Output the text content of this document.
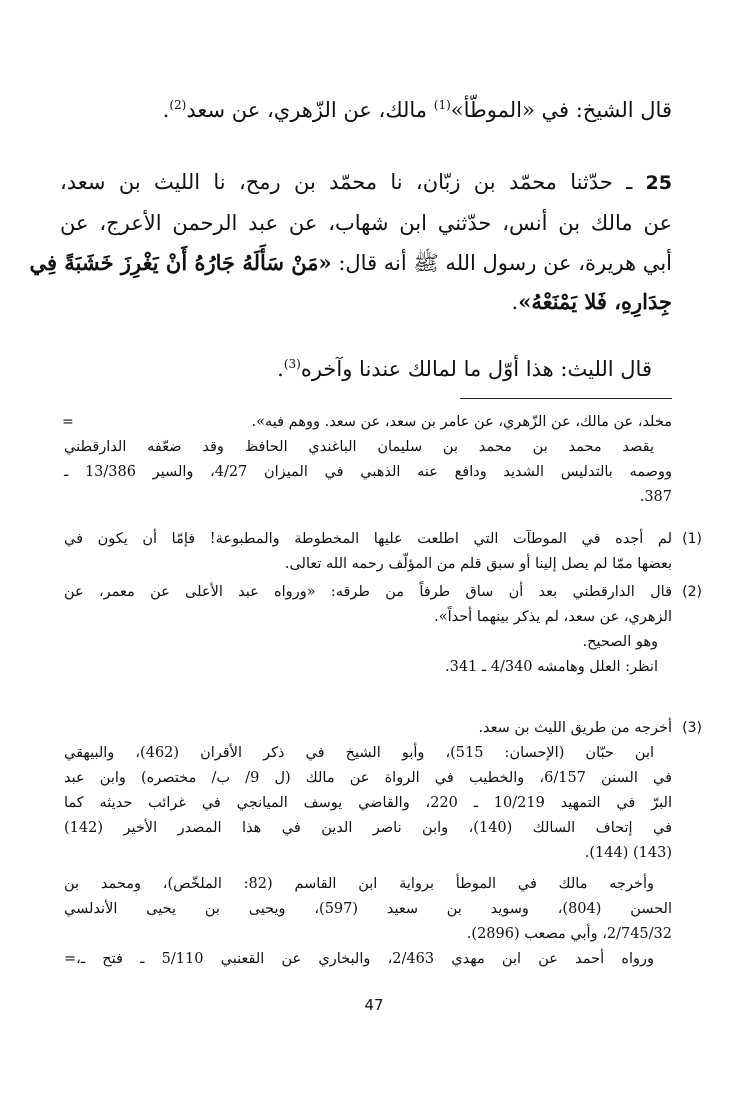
قال الشيخ: في «الموطّأ»$^{(1)}$ مالك، عن الزّهري، عن سعد$^{(2)}$.
25 ـ حدّثنا محمّد بن زبّان، نا محمّد بن رمح، نا الليث بن سعد،
عن مالك بن أنس، حدّثني ابن شهاب، عن عبد الرحمن الأعرج، عن
أبي هريرة، عن رسول الله ﷺ أنه قال: «مَنْ سَأَلَهُ جَارُهُ أَنْ يَغْرِزَ خَشَبَةً فِي
جِدَارِهِ، فَلا يَمْنَعْهُ».
قال الليث: هذا أوّل ما لمالك عندنا وآخره$^{(3)}$.
=	مخلد، عن مالك، عن الزّهري، عن عامر بن سعد، عن سعد. ووهم فيه».
يقصد محمد بن محمد بن سليمان الباغندي الحافظ وقد ضعّفه الدارقطني
ووصمه بالتدليس الشديد ودافع عنه الذهبي في الميزان 4/27، والسير 13/386 ـ
387.
(1)
لم أجده في الموطآت التي اطلعت عليها المخطوطة والمطبوعة! فإمّا أن يكون في
بعضها ممّا لم يصل إلينا أو سبق قلم من المؤلّف رحمه الله تعالى.
(2)
قال الدارقطني بعد أن ساق طرفاً من طرقه: «ورواه عبد الأعلى عن معمر، عن
الزهري، عن سعد، لم يذكر بينهما أحداً».
وهو الصحيح.
انظر: العلل وهامشه 4/340 ـ 341.
(3)
أخرجه من طريق الليث بن سعد.
ابن حبّان (الإحسان: 515)، وأبو الشيخ في ذكر الأقران (462)، والبيهقي
في السنن 6/157، والخطيب في الرواة عن مالك (ل 9/ ب/ مختصره) وابن عبد
البرّ في التمهيد 10/219 ـ 220، والقاضي يوسف الميانجي في غرائب حديثه كما
في إتحاف السالك (140)، وابن ناصر الدين في هذا المصدر الأخير (142)
(143) (144).
وأخرجه مالك في الموطأ برواية ابن القاسم (82: الملخّص)، ومحمد بن
الحسن (804)، وسويد بن سعيد (597)، ويحيى بن يحيى الأندلسي
2/745/32، وأبي مصعب (2896).
ورواه أحمد عن ابن مهدي 2/463، والبخاري عن القعنبي 5/110 ـ فتح ـ،=
47
